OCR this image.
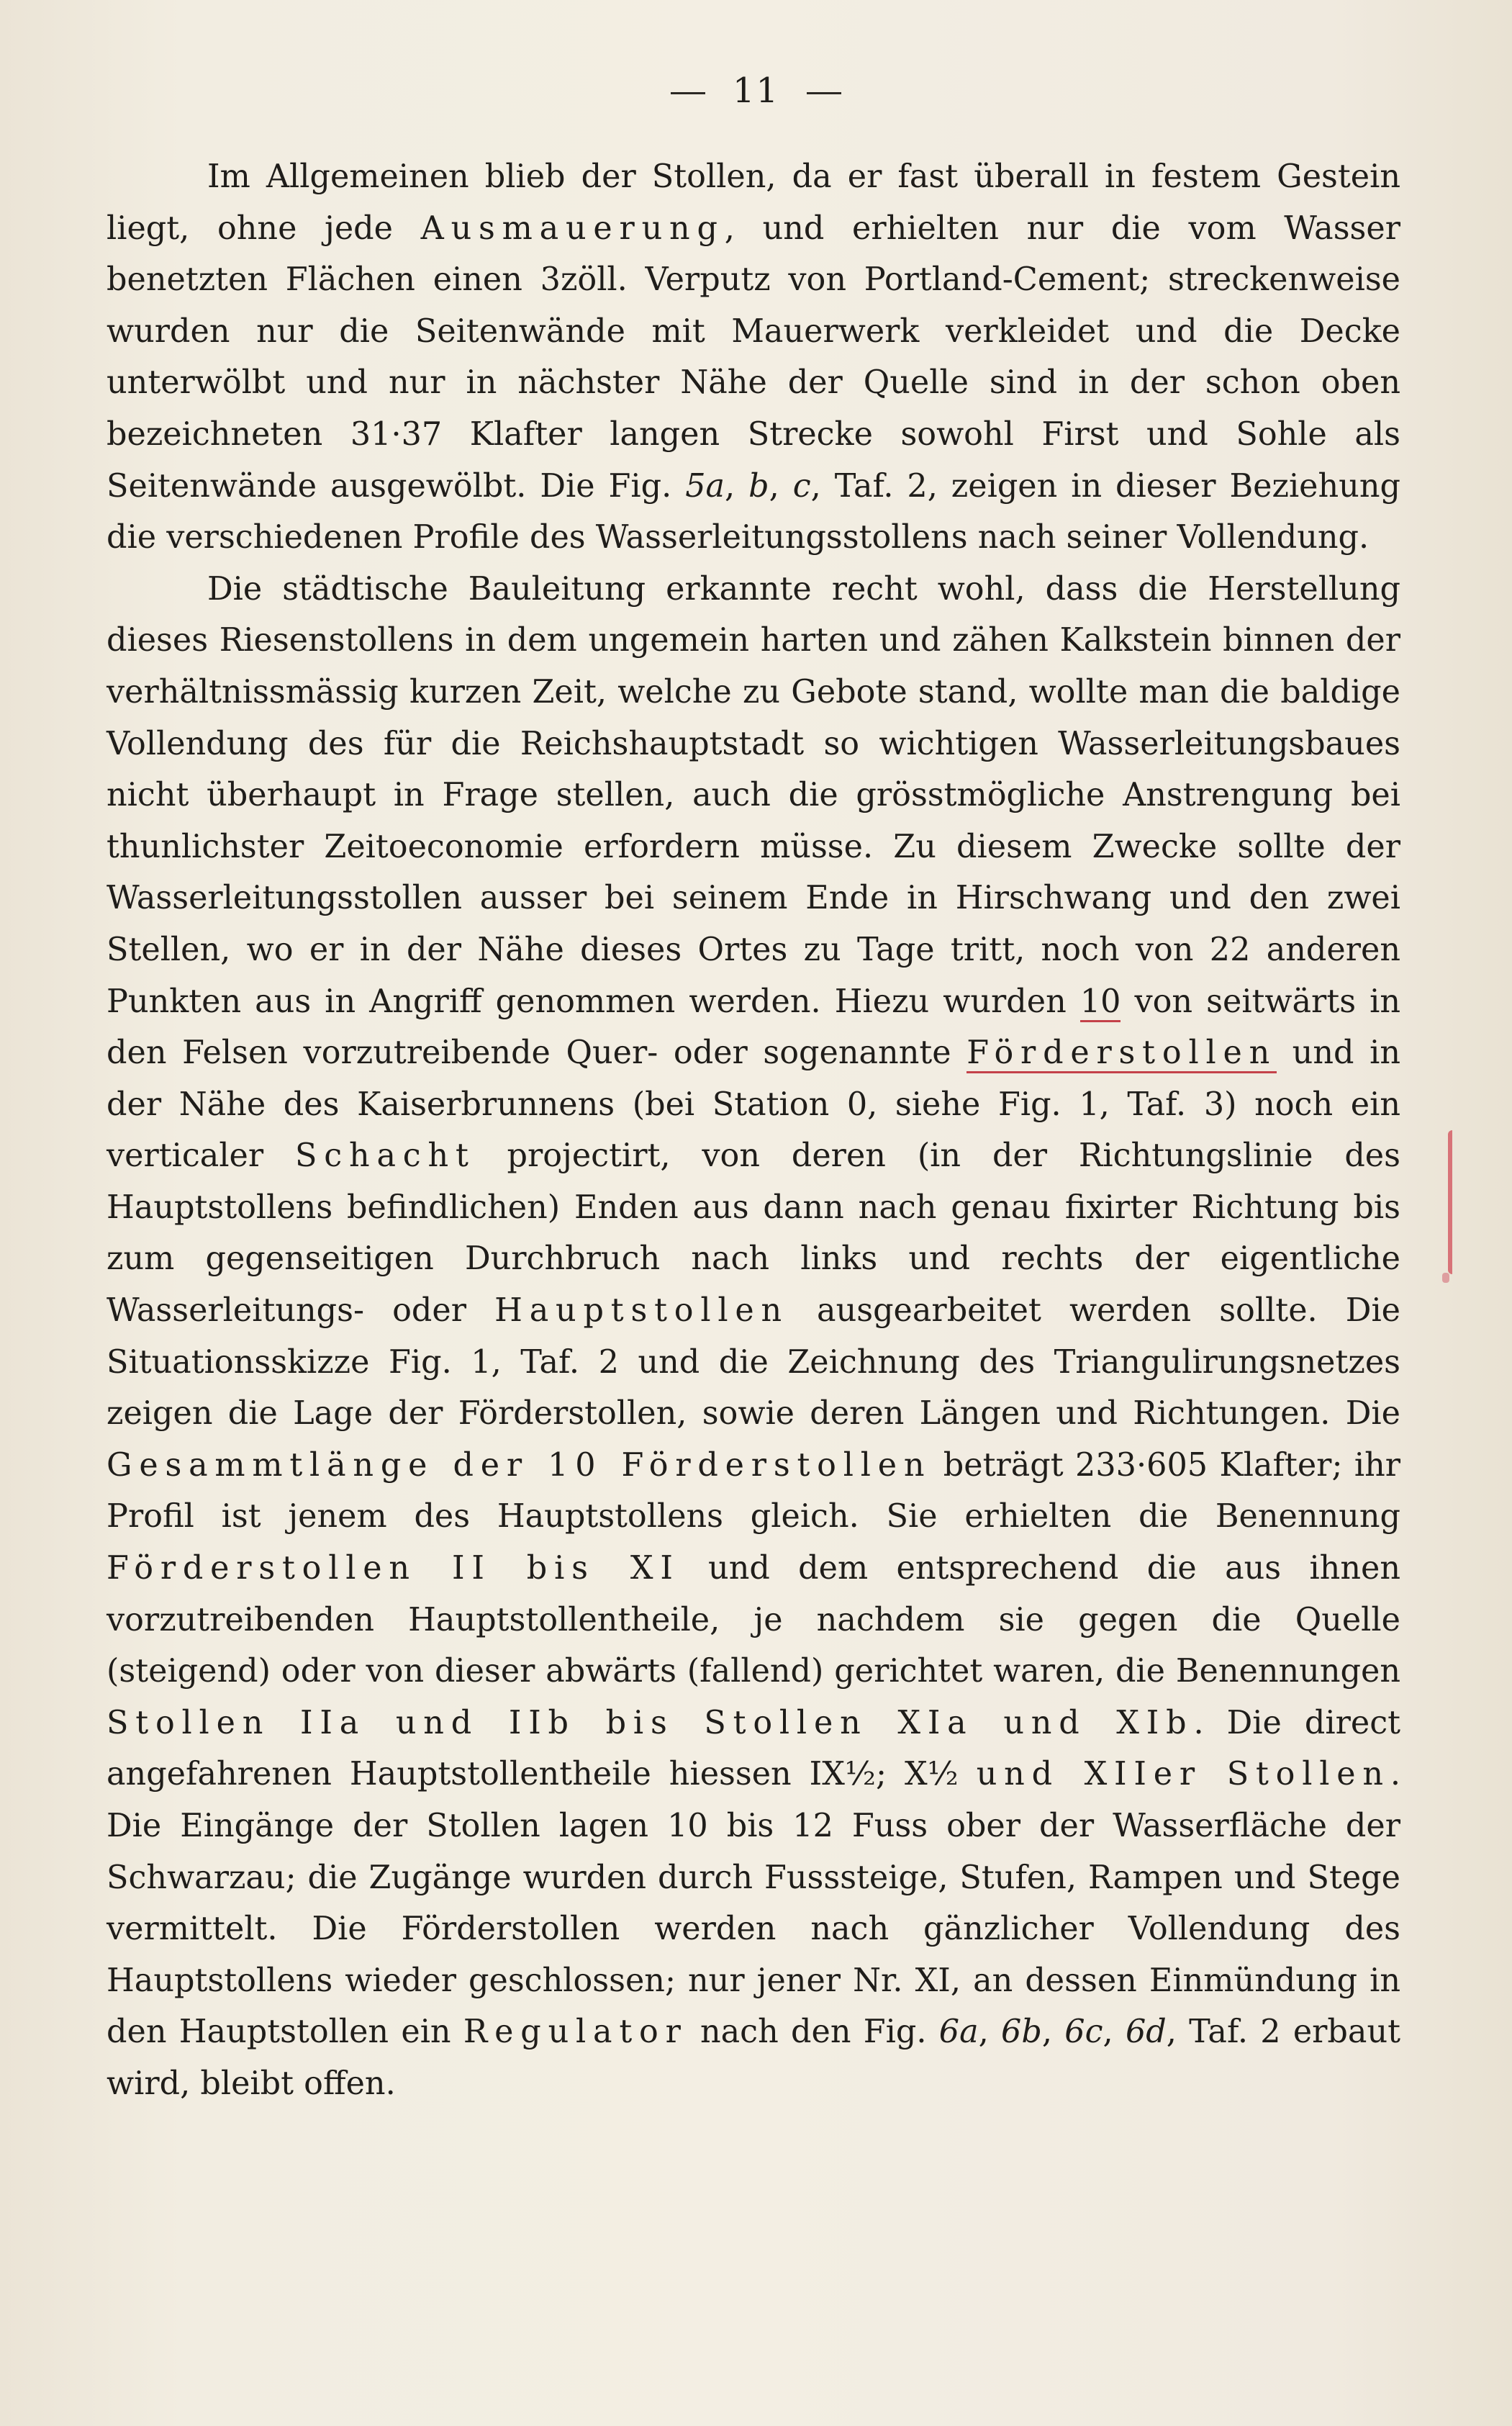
11

Im Allgemeinen blieb der Stollen, da er fast überall in festem Gestein liegt, ohne jede Ausmauerung, und erhielten nur die vom Wasser benetzten Flächen einen 3zöll. Verputz von Portland-Cement; streckenweise wurden nur die Seitenwände mit Mauerwerk verkleidet und die Decke unterwölbt und nur in nächster Nähe der Quelle sind in der schon oben bezeichneten 31·37 Klafter langen Strecke sowohl First und Sohle als Seitenwände ausgewölbt. Die Fig. 5a, b, c, Taf. 2, zeigen in dieser Beziehung die verschiedenen Profile des Wasserleitungsstollens nach seiner Vollendung.

Die städtische Bauleitung erkannte recht wohl, dass die Herstellung dieses Riesenstollens in dem ungemein harten und zähen Kalkstein binnen der verhältnissmässig kurzen Zeit, welche zu Gebote stand, wollte man die baldige Vollendung des für die Reichshauptstadt so wichtigen Wasserleitungsbaues nicht überhaupt in Frage stellen, auch die grösstmögliche Anstrengung bei thunlichster Zeitoeconomie erfordern müsse. Zu diesem Zwecke sollte der Wasserleitungsstollen ausser bei seinem Ende in Hirschwang und den zwei Stellen, wo er in der Nähe dieses Ortes zu Tage tritt, noch von 22 anderen Punkten aus in Angriff genommen werden. Hiezu wurden 10 von seitwärts in den Felsen vorzutreibende Quer- oder sogenannte Förderstollen und in der Nähe des Kaiserbrunnens (bei Station 0, siehe Fig. 1, Taf. 3) noch ein verticaler Schacht projectirt, von deren (in der Richtungslinie des Hauptstollens befindlichen) Enden aus dann nach genau fixirter Richtung bis zum gegenseitigen Durchbruch nach links und rechts der eigentliche Wasserleitungs- oder Hauptstollen ausgearbeitet werden sollte. Die Situationsskizze Fig. 1, Taf. 2 und die Zeichnung des Triangulirungsnetzes zeigen die Lage der Förderstollen, sowie deren Längen und Richtungen. Die Gesammtlänge der 10 Förderstollen beträgt 233·605 Klafter; ihr Profil ist jenem des Hauptstollens gleich. Sie erhielten die Benennung Förderstollen II bis XI und dem entsprechend die aus ihnen vorzutreibenden Hauptstollentheile, je nachdem sie gegen die Quelle (steigend) oder von dieser abwärts (fallend) gerichtet waren, die Benennungen Stollen IIa und IIb bis Stollen XIa und XIb. Die direct angefahrenen Hauptstollentheile hiessen IX½; X½ und XIIer Stollen. Die Eingänge der Stollen lagen 10 bis 12 Fuss ober der Wasserfläche der Schwarzau; die Zugänge wurden durch Fusssteige, Stufen, Rampen und Stege vermittelt. Die Förderstollen werden nach gänzlicher Vollendung des Hauptstollens wieder geschlossen; nur jener Nr. XI, an dessen Einmündung in den Hauptstollen ein Regulator nach den Fig. 6a, 6b, 6c, 6d, Taf. 2 erbaut wird, bleibt offen.
